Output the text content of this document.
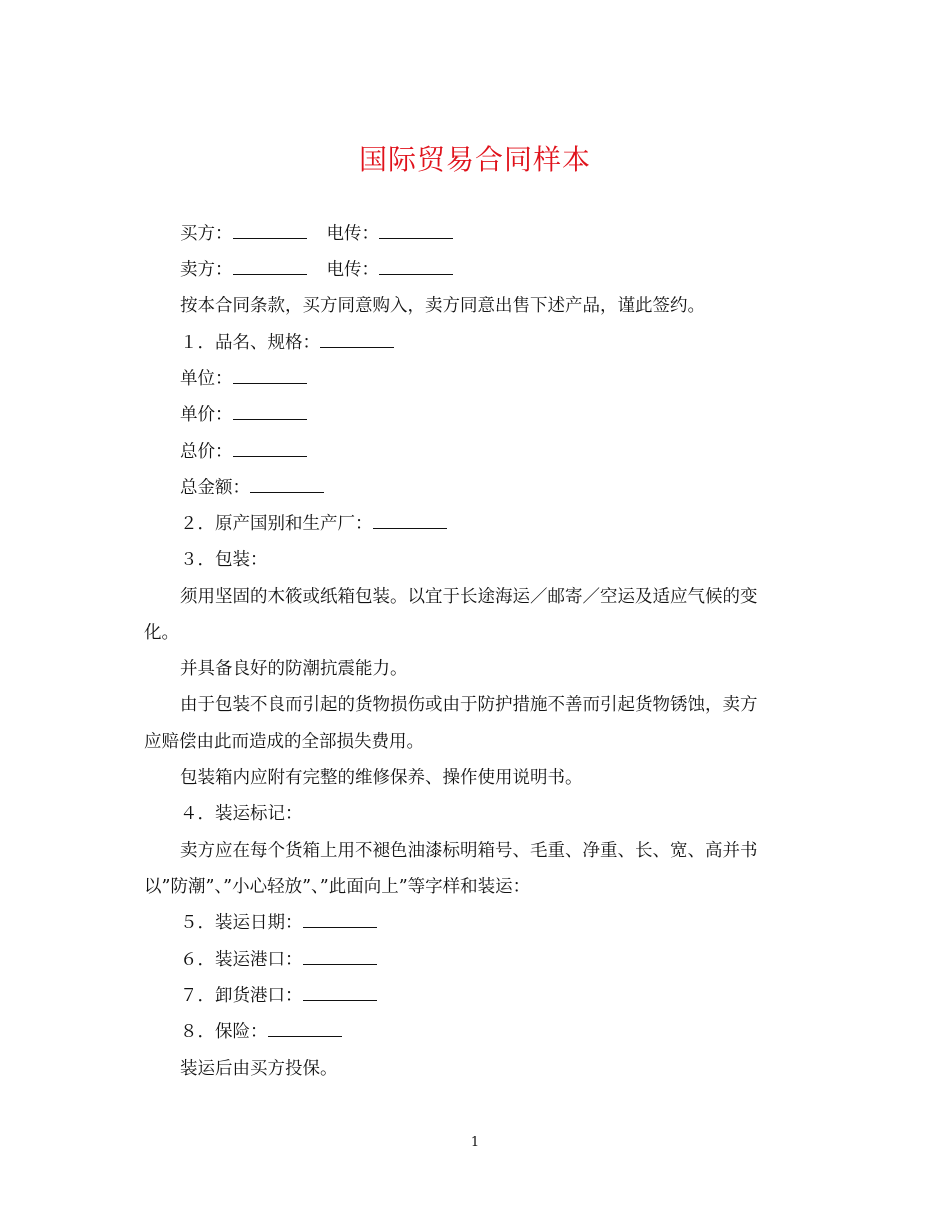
国际贸易合同样本
买方：	电传：
卖方：	电传：
按本合同条款，买方同意购入，卖方同意出售下述产品，谨此签约。
１．品名、规格：
单位：
单价：
总价：
总金额：
２．原产国别和生产厂：
３．包装：
须用坚固的木筱或纸箱包装。以宜于长途海运／邮寄／空运及适应气候的变
化。
并具备良好的防潮抗震能力。
由于包装不良而引起的货物损伤或由于防护措施不善而引起货物锈蚀，卖方
应赔偿由此而造成的全部损失费用。
包装箱内应附有完整的维修保养、操作使用说明书。
４．装运标记：
卖方应在每个货箱上用不褪色油漆标明箱号、毛重、净重、长、宽、高并书
以”防潮”、”小心轻放”、”此面向上”等字样和装运：
５．装运日期：
６．装运港口：
７．卸货港口：
８．保险：
装运后由买方投保。
1
